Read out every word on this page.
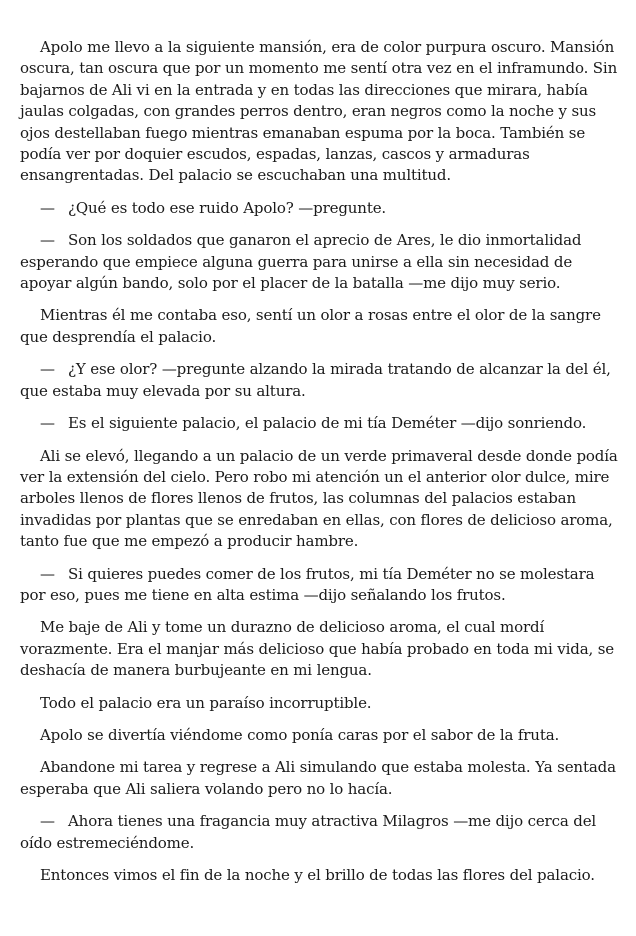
Apolo me llevo a la siguiente mansión, era de color purpura oscuro. Mansión oscura, tan oscura que por un momento me sentí otra vez en el inframundo. Sin bajarnos de Ali vi en la entrada y en todas las direcciones que mirara, había jaulas colgadas, con grandes perros dentro, eran negros como la noche y sus ojos destellaban fuego mientras emanaban espuma por la boca. También se podía ver por doquier escudos, espadas, lanzas, cascos y armaduras ensangrentadas. Del palacio se escuchaban una multitud.

— ¿Qué es todo ese ruido Apolo? —pregunte.

— Son los soldados que ganaron el aprecio de Ares, le dio inmortalidad esperando que empiece alguna guerra para unirse a ella sin necesidad de apoyar algún bando, solo por el placer de la batalla —me dijo muy serio.

Mientras él me contaba eso, sentí un olor a rosas entre el olor de la sangre que desprendía el palacio.

— ¿Y ese olor? —pregunte alzando la mirada tratando de alcanzar la del él, que estaba muy elevada por su altura.

— Es el siguiente palacio, el palacio de mi tía Deméter —dijo sonriendo.

Ali se elevó, llegando a un palacio de un verde primaveral desde donde podía ver la extensión del cielo. Pero robo mi atención un el anterior olor dulce, mire arboles llenos de flores llenos de frutos, las columnas del palacios estaban invadidas por plantas que se enredaban en ellas, con flores de delicioso aroma, tanto fue que me empezó a producir hambre.

— Si quieres puedes comer de los frutos, mi tía Deméter no se molestara por eso, pues me tiene en alta estima —dijo señalando los frutos.

Me baje de Ali y tome un durazno de delicioso aroma, el cual mordí vorazmente. Era el manjar más delicioso que había probado en toda mi vida, se deshacía de manera burbujeante en mi lengua.

Todo el palacio era un paraíso incorruptible.

Apolo se divertía viéndome como ponía caras por el sabor de la fruta.

Abandone mi tarea y regrese a Ali simulando que estaba molesta. Ya sentada esperaba que Ali saliera volando pero no lo hacía.

— Ahora tienes una fragancia muy atractiva Milagros —me dijo cerca del oído estremeciéndome.

Entonces vimos el fin de la noche y el brillo de todas las flores del palacio.
